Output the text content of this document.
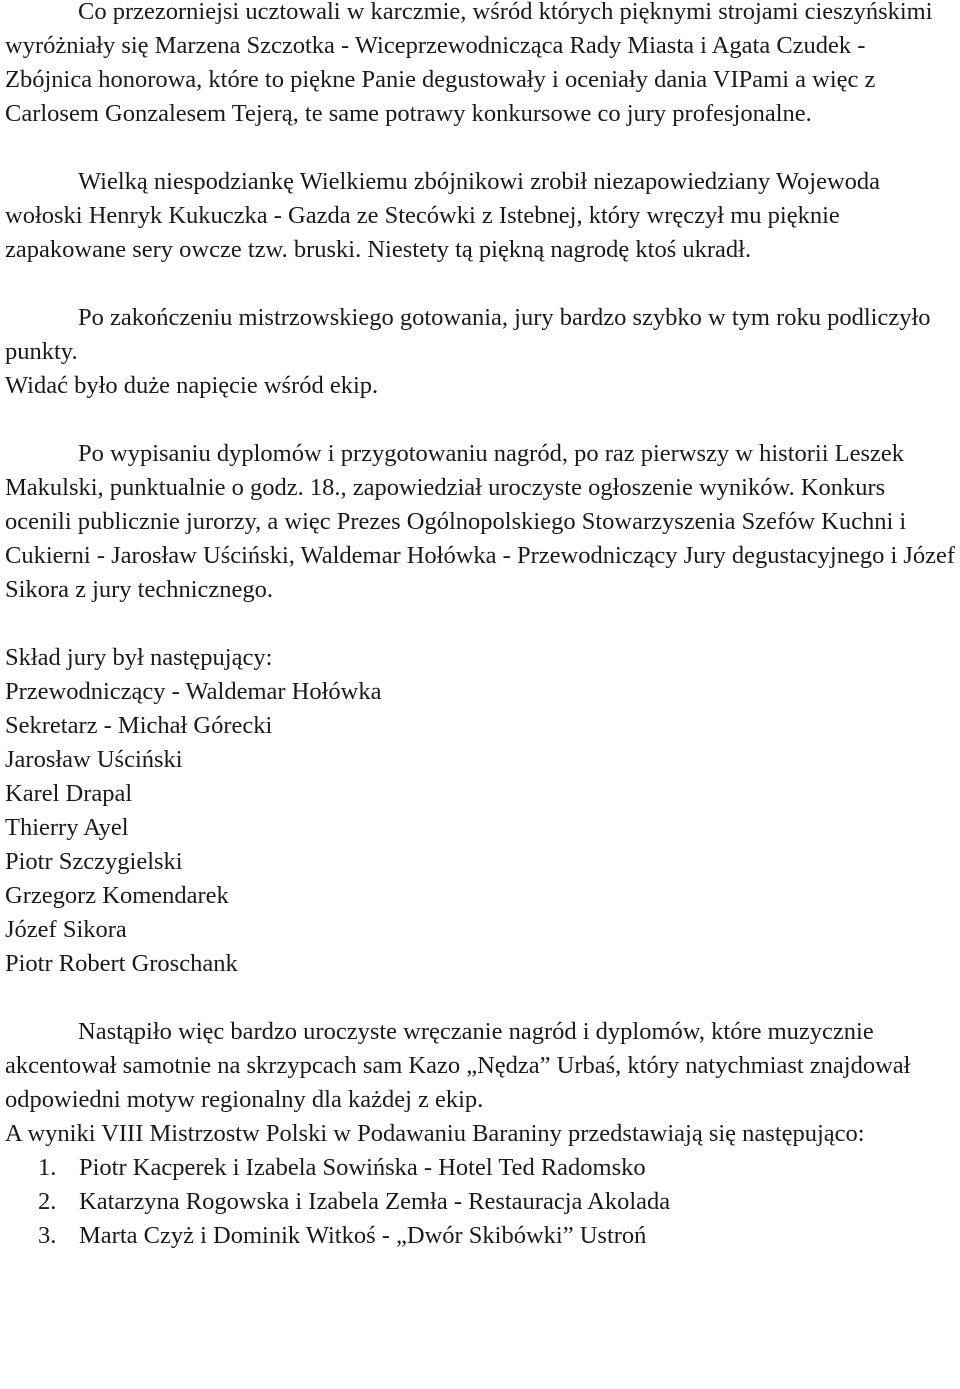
Co przezorniejsi ucztowali w karczmie, wśród których pięknymi strojami cieszyńskimi wyróżniały się Marzena Szczotka - Wiceprzewodnicząca Rady Miasta i Agata Czudek - Zbójnica honorowa, które to piękne Panie degustowały i oceniały dania VIPami a więc z Carlosem Gonzalesem Tejerą, te same potrawy konkursowe co jury profesjonalne.

Wielką niespodziankę Wielkiemu zbójnikowi zrobił niezapowiedziany Wojewoda wołoski Henryk Kukuczka - Gazda ze Stecówki z Istebnej, który wręczył mu pięknie zapakowane sery owcze tzw. bruski. Niestety tą piękną nagrodę ktoś ukradł.

Po zakończeniu mistrzowskiego gotowania, jury bardzo szybko w tym roku podliczyło punkty.

Widać było duże napięcie wśród ekip.

Po wypisaniu dyplomów i przygotowaniu nagród, po raz pierwszy w historii Leszek Makulski, punktualnie o godz. 18., zapowiedział uroczyste ogłoszenie wyników. Konkurs ocenili publicznie jurorzy, a więc Prezes Ogólnopolskiego Stowarzyszenia Szefów Kuchni i Cukierni - Jarosław Uściński, Waldemar Hołówka - Przewodniczący Jury degustacyjnego i Józef Sikora z jury technicznego.

Skład jury był następujący:

Przewodniczący - Waldemar Hołówka
Sekretarz - Michał Górecki
Jarosław Uściński
Karel Drapal
Thierry Ayel
Piotr Szczygielski
Grzegorz Komendarek
Józef Sikora
Piotr Robert Groschank

Nastąpiło więc bardzo uroczyste wręczanie nagród i dyplomów, które muzycznie akcentował samotnie na skrzypcach sam Kazo „Nędza” Urbaś, który natychmiast znajdował odpowiedni motyw regionalny dla każdej z ekip.

A wyniki VIII Mistrzostw Polski w Podawaniu Baraniny przedstawiają się następująco:

1. Piotr Kacperek i Izabela Sowińska - Hotel Ted Radomsko
2. Katarzyna Rogowska i Izabela Zemła - Restauracja Akolada
3. Marta Czyż i Dominik Witkoś - „Dwór Skibówki” Ustroń
